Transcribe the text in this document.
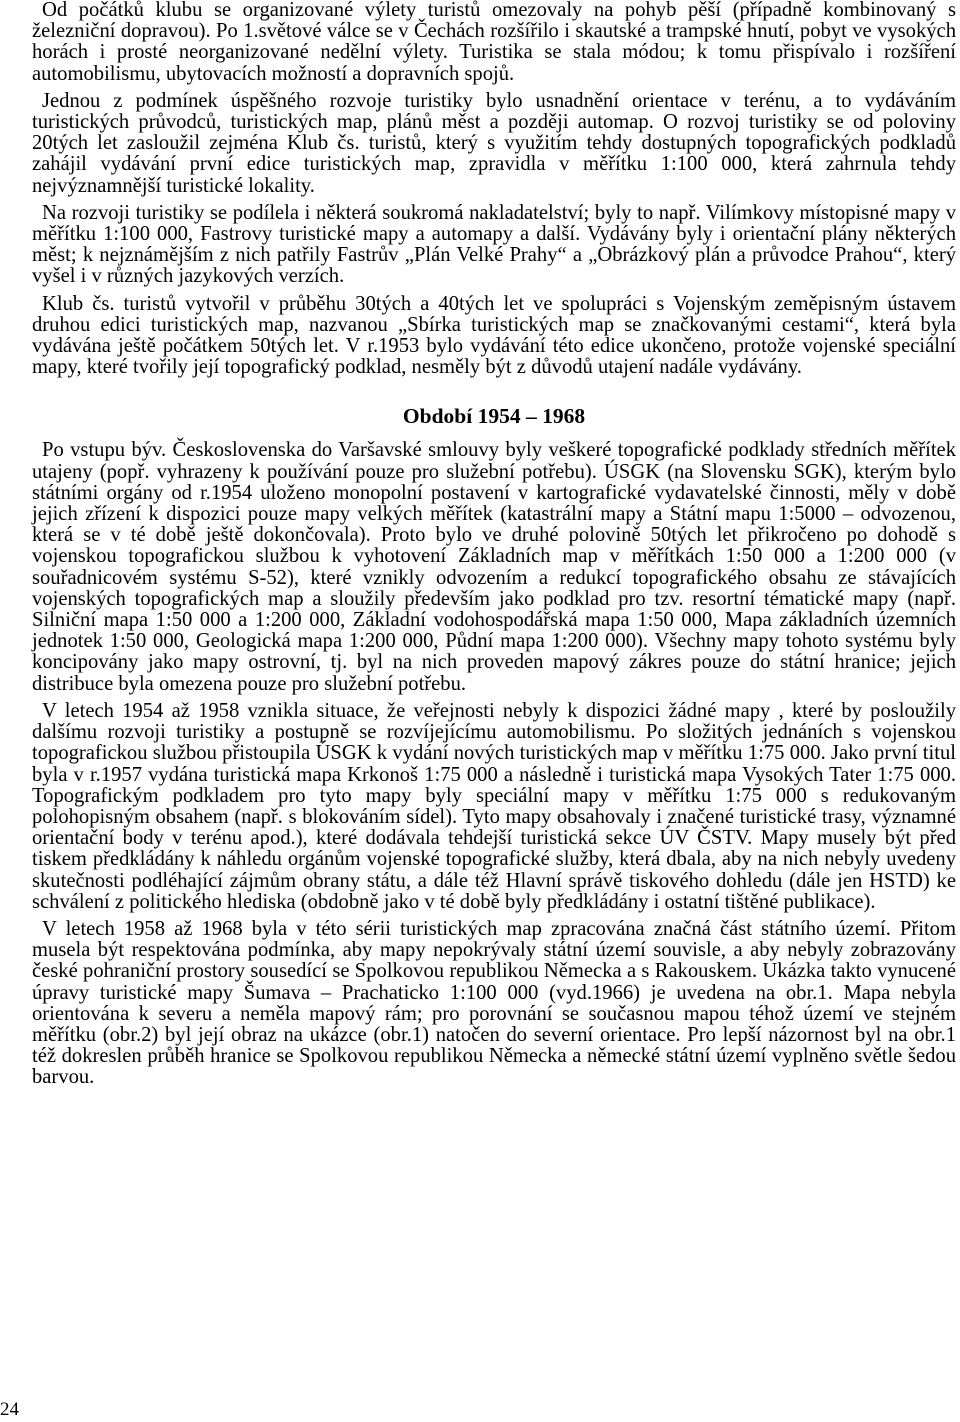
Od počátků klubu se organizované výlety turistů omezovaly na pohyb pěší (případně kombinovaný s železniční dopravou). Po 1.světové válce se v Čechách rozšířilo i skautské a trampské hnutí, pobyt ve vysokých horách i prosté neorganizované nedělní výlety. Turistika se stala módou; k tomu přispívalo i rozšíření automobilismu, ubytovacích možností a dopravních spojů.

Jednou z podmínek úspěšného rozvoje turistiky bylo usnadnění orientace v terénu, a to vydáváním turistických průvodců, turistických map, plánů měst a později automap. O rozvoj turistiky se od poloviny 20tých let zasloužil zejména Klub čs. turistů, který s využitím tehdy dostupných topografických podkladů zahájil vydávání první edice turistických map, zpravidla v měřítku 1:100 000, která zahrnula tehdy nejvýznamnější turistické lokality.

Na rozvoji turistiky se podílela i některá soukromá nakladatelství; byly to např. Vilímkovy místopisné mapy v měřítku 1:100 000, Fastrovy turistické mapy a automapy a další. Vydávány byly i orientační plány některých měst; k nejznámějším z nich patřily Fastrův „Plán Velké Prahy“ a „Obrázkový plán a průvodce Prahou“, který vyšel i v různých jazykových verzích.

Klub čs. turistů vytvořil v průběhu 30tých a 40tých let ve spolupráci s Vojenským zeměpisným ústavem druhou edici turistických map, nazvanou „Sbírka turistických map se značkovanými cestami“, která byla vydávána ještě počátkem 50tých let. V r.1953 bylo vydávání této edice ukončeno, protože vojenské speciální mapy, které tvořily její topografický podklad, nesměly být z důvodů utajení nadále vydávány.

Období 1954 – 1968

Po vstupu býv. Československa do Varšavské smlouvy byly veškeré topografické podklady středních měřítek utajeny (popř. vyhrazeny k používání pouze pro služební potřebu). ÚSGK (na Slovensku SGK), kterým bylo státními orgány od r.1954 uloženo monopolní postavení v kartografické vydavatelské činnosti, měly v době jejich zřízení k dispozici pouze mapy velkých měřítek (katastrální mapy a Státní mapu 1:5000 – odvozenou, která se v té době ještě dokončovala). Proto bylo ve druhé polovině 50tých let přikročeno po dohodě s vojenskou topografickou službou k vyhotovení Základních map v měřítkách 1:50 000 a 1:200 000 (v souřadnicovém systému S-52), které vznikly odvozením a redukcí topografického obsahu ze stávajících vojenských topografických map a sloužily především jako podklad pro tzv. resortní tématické mapy (např. Silniční mapa 1:50 000 a 1:200 000, Základní vodohospodářská mapa 1:50 000, Mapa základních územních jednotek 1:50 000, Geologická mapa 1:200 000, Půdní mapa 1:200 000). Všechny mapy tohoto systému byly koncipovány jako mapy ostrovní, tj. byl na nich proveden mapový zákres pouze do státní hranice; jejich distribuce byla omezena pouze pro služební potřebu.

V letech 1954 až 1958 vznikla situace, že veřejnosti nebyly k dispozici žádné mapy , které by posloužily dalšímu rozvoji turistiky a postupně se rozvíjejícímu automobilismu. Po složitých jednáních s vojenskou topografickou službou přistoupila ÚSGK k vydání nových turistických map v měřítku 1:75 000. Jako první titul byla v r.1957 vydána turistická mapa Krkonoš 1:75 000 a následně i turistická mapa Vysokých Tater 1:75 000. Topografickým podkladem pro tyto mapy byly speciální mapy v měřítku 1:75 000 s redukovaným polohopisným obsahem (např. s blokováním sídel). Tyto mapy obsahovaly i značené turistické trasy, významné orientační body v terénu apod.), které dodávala tehdejší turistická sekce ÚV ČSTV. Mapy musely být před tiskem předkládány k náhledu orgánům vojenské topografické služby, která dbala, aby na nich nebyly uvedeny skutečnosti podléhající zájmům obrany státu, a dále též Hlavní správě tiskového dohledu (dále jen HSTD) ke schválení z politického hlediska (obdobně jako v té době byly předkládány i ostatní tištěné publikace).

V letech 1958 až 1968 byla v této sérii turistických map zpracována značná část státního území. Přitom musela být respektována podmínka, aby mapy nepokrývaly státní území souvisle, a aby nebyly zobrazovány české pohraniční prostory sousedící se Spolkovou republikou Německa a s Rakouskem. Ukázka takto vynucené úpravy turistické mapy Šumava – Prachaticko 1:100 000 (vyd.1966) je uvedena na obr.1. Mapa nebyla orientována k severu a neměla mapový rám; pro porovnání se současnou mapou téhož území ve stejném měřítku (obr.2) byl její obraz na ukázce (obr.1) natočen do severní orientace. Pro lepší názornost byl na obr.1 též dokreslen průběh hranice se Spolkovou republikou Německa a německé státní území vyplněno světle šedou barvou.

24
